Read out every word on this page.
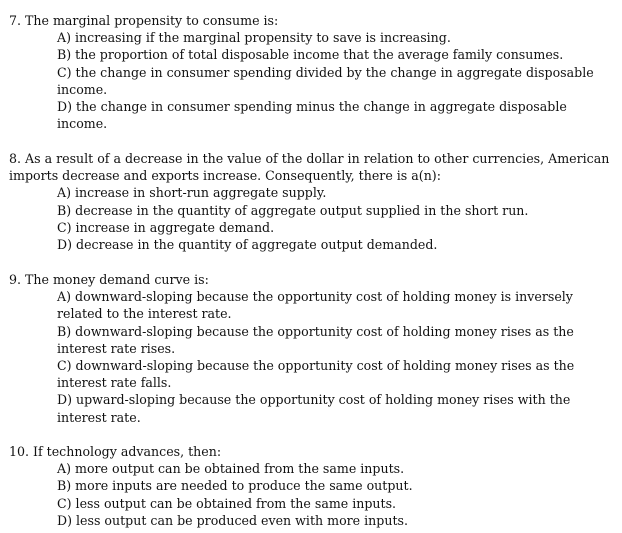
7. The marginal propensity to consume is:

A) increasing if the marginal propensity to save is increasing.

B) the proportion of total disposable income that the average family consumes.

C) the change in consumer spending divided by the change in aggregate disposable income.

D) the change in consumer spending minus the change in aggregate disposable income.

8. As a result of a decrease in the value of the dollar in relation to other currencies, American imports decrease and exports increase. Consequently, there is a(n):

A) increase in short-run aggregate supply.

B) decrease in the quantity of aggregate output supplied in the short run.

C) increase in aggregate demand.

D) decrease in the quantity of aggregate output demanded.

9. The money demand curve is:

A) downward-sloping because the opportunity cost of holding money is inversely related to the interest rate.

B) downward-sloping because the opportunity cost of holding money rises as the interest rate rises.

C) downward-sloping because the opportunity cost of holding money rises as the interest rate falls.

D) upward-sloping because the opportunity cost of holding money rises with the interest rate.

10. If technology advances, then:

A) more output can be obtained from the same inputs.

B) more inputs are needed to produce the same output.

C) less output can be obtained from the same inputs.

D) less output can be produced even with more inputs.
